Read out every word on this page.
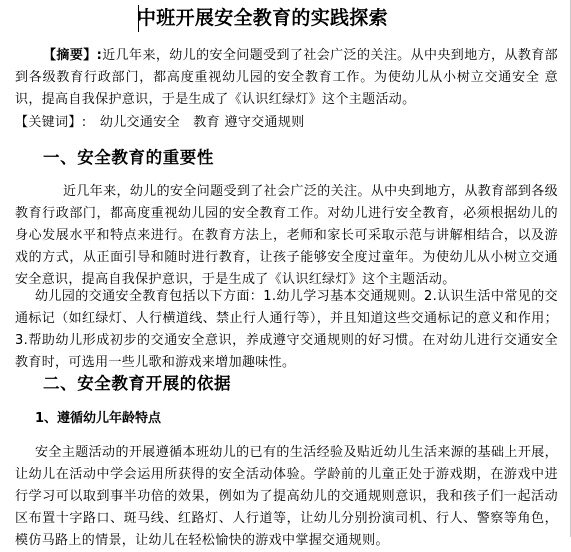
中班开展安全教育的实践探索

【摘要】:近几年来，幼儿的安全问题受到了社会广泛的关注。从中央到地方，从教育部到各级教育行政部门，都高度重视幼儿园的安全教育工作。为使幼儿从小树立交通安全 意识，提高自我保护意识，于是生成了《认识红绿灯》这个主题活动。

【关键词】:  幼儿交通安全　教育 遵守交通规则

一、安全教育的重要性

近几年来，幼儿的安全问题受到了社会广泛的关注。从中央到地方，从教育部到各级教育行政部门，都高度重视幼儿园的安全教育工作。对幼儿进行安全教育，必须根据幼儿的身心发展水平和特点来进行。在教育方法上，老师和家长可采取示范与讲解相结合，以及游戏的方式，从正面引导和随时进行教育，让孩子能够安全度过童年。为使幼儿从小树立交通安全意识，提高自我保护意识，于是生成了《认识红绿灯》这个主题活动。

幼儿园的交通安全教育包括以下方面：1.幼儿学习基本交通规则。2.认识生活中常见的交通标记（如红绿灯、人行横道线、禁止行人通行等），并且知道这些交通标记的意义和作用；3.帮助幼儿形成初步的交通安全意识，养成遵守交通规则的好习惯。在对幼儿进行交通安全教育时，可选用一些儿歌和游戏来增加趣味性。

二、安全教育开展的依据
1、遵循幼儿年龄特点

安全主题活动的开展遵循本班幼儿的已有的生活经验及贴近幼儿生活来源的基础上开展，让幼儿在活动中学会运用所获得的安全活动体验。学龄前的儿童正处于游戏期，在游戏中进行学习可以取到事半功倍的效果，例如为了提高幼儿的交通规则意识，我和孩子们一起活动区布置十字路口、斑马线、红路灯、人行道等，让幼儿分别扮演司机、行人、警察等角色，模仿马路上的情景，让幼儿在轻松愉快的游戏中掌握交通规则。
